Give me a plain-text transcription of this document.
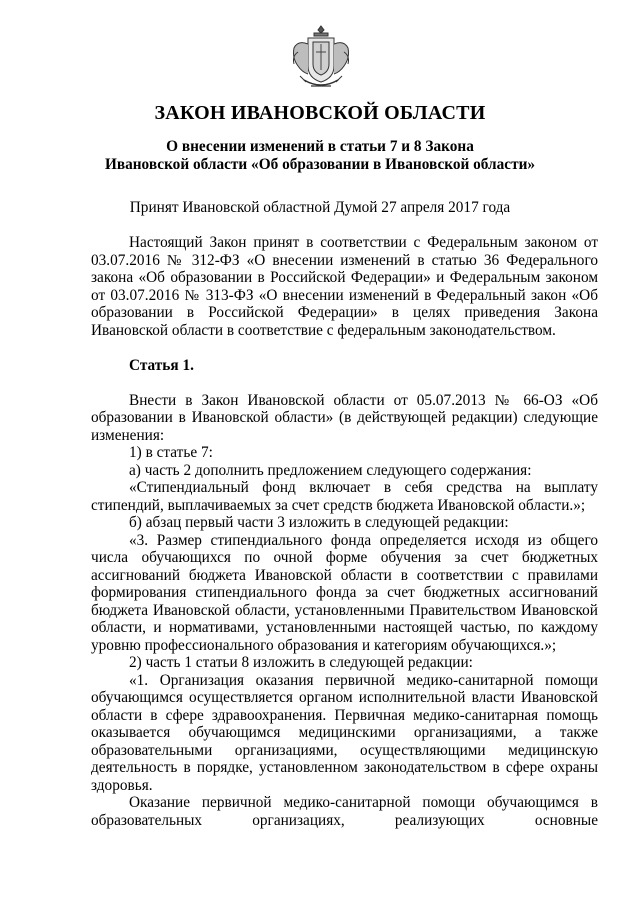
ЗАКОН ИВАНОВСКОЙ ОБЛАСТИ
О внесении изменений в статьи 7 и 8 Закона
Ивановской области «Об образовании в Ивановской области»

Принят Ивановской областной Думой 27 апреля 2017 года

Настоящий Закон принят в соответствии с Федеральным законом от 03.07.2016 № 312-ФЗ «О внесении изменений в статью 36 Федерального закона «Об образовании в Российской Федерации» и Федеральным законом от 03.07.2016 № 313-ФЗ «О внесении изменений в Федеральный закон «Об образовании в Российской Федерации» в целях приведения Закона Ивановской области в соответствие с федеральным законодательством.

Статья 1.

Внести в Закон Ивановской области от 05.07.2013 № 66-ОЗ «Об образовании в Ивановской области» (в действующей редакции) следующие изменения:

1) в статье 7:

а) часть 2 дополнить предложением следующего содержания:

«Стипендиальный фонд включает в себя средства на выплату стипендий, выплачиваемых за счет средств бюджета Ивановской области.»;

б) абзац первый части 3 изложить в следующей редакции:

«3. Размер стипендиального фонда определяется исходя из общего числа обучающихся по очной форме обучения за счет бюджетных ассигнований бюджета Ивановской области в соответствии с правилами формирования стипендиального фонда за счет бюджетных ассигнований бюджета Ивановской области, установленными Правительством Ивановской области, и нормативами, установленными настоящей частью, по каждому уровню профессионального образования и категориям обучающихся.»;

2) часть 1 статьи 8 изложить в следующей редакции:

«1. Организация оказания первичной медико-санитарной помощи обучающимся осуществляется органом исполнительной власти Ивановской области в сфере здравоохранения. Первичная медико-санитарная помощь оказывается обучающимся медицинскими организациями, а также образовательными организациями, осуществляющими медицинскую деятельность в порядке, установленном законодательством в сфере охраны здоровья.

Оказание первичной медико-санитарной помощи обучающимся в образовательных организациях, реализующих основные
